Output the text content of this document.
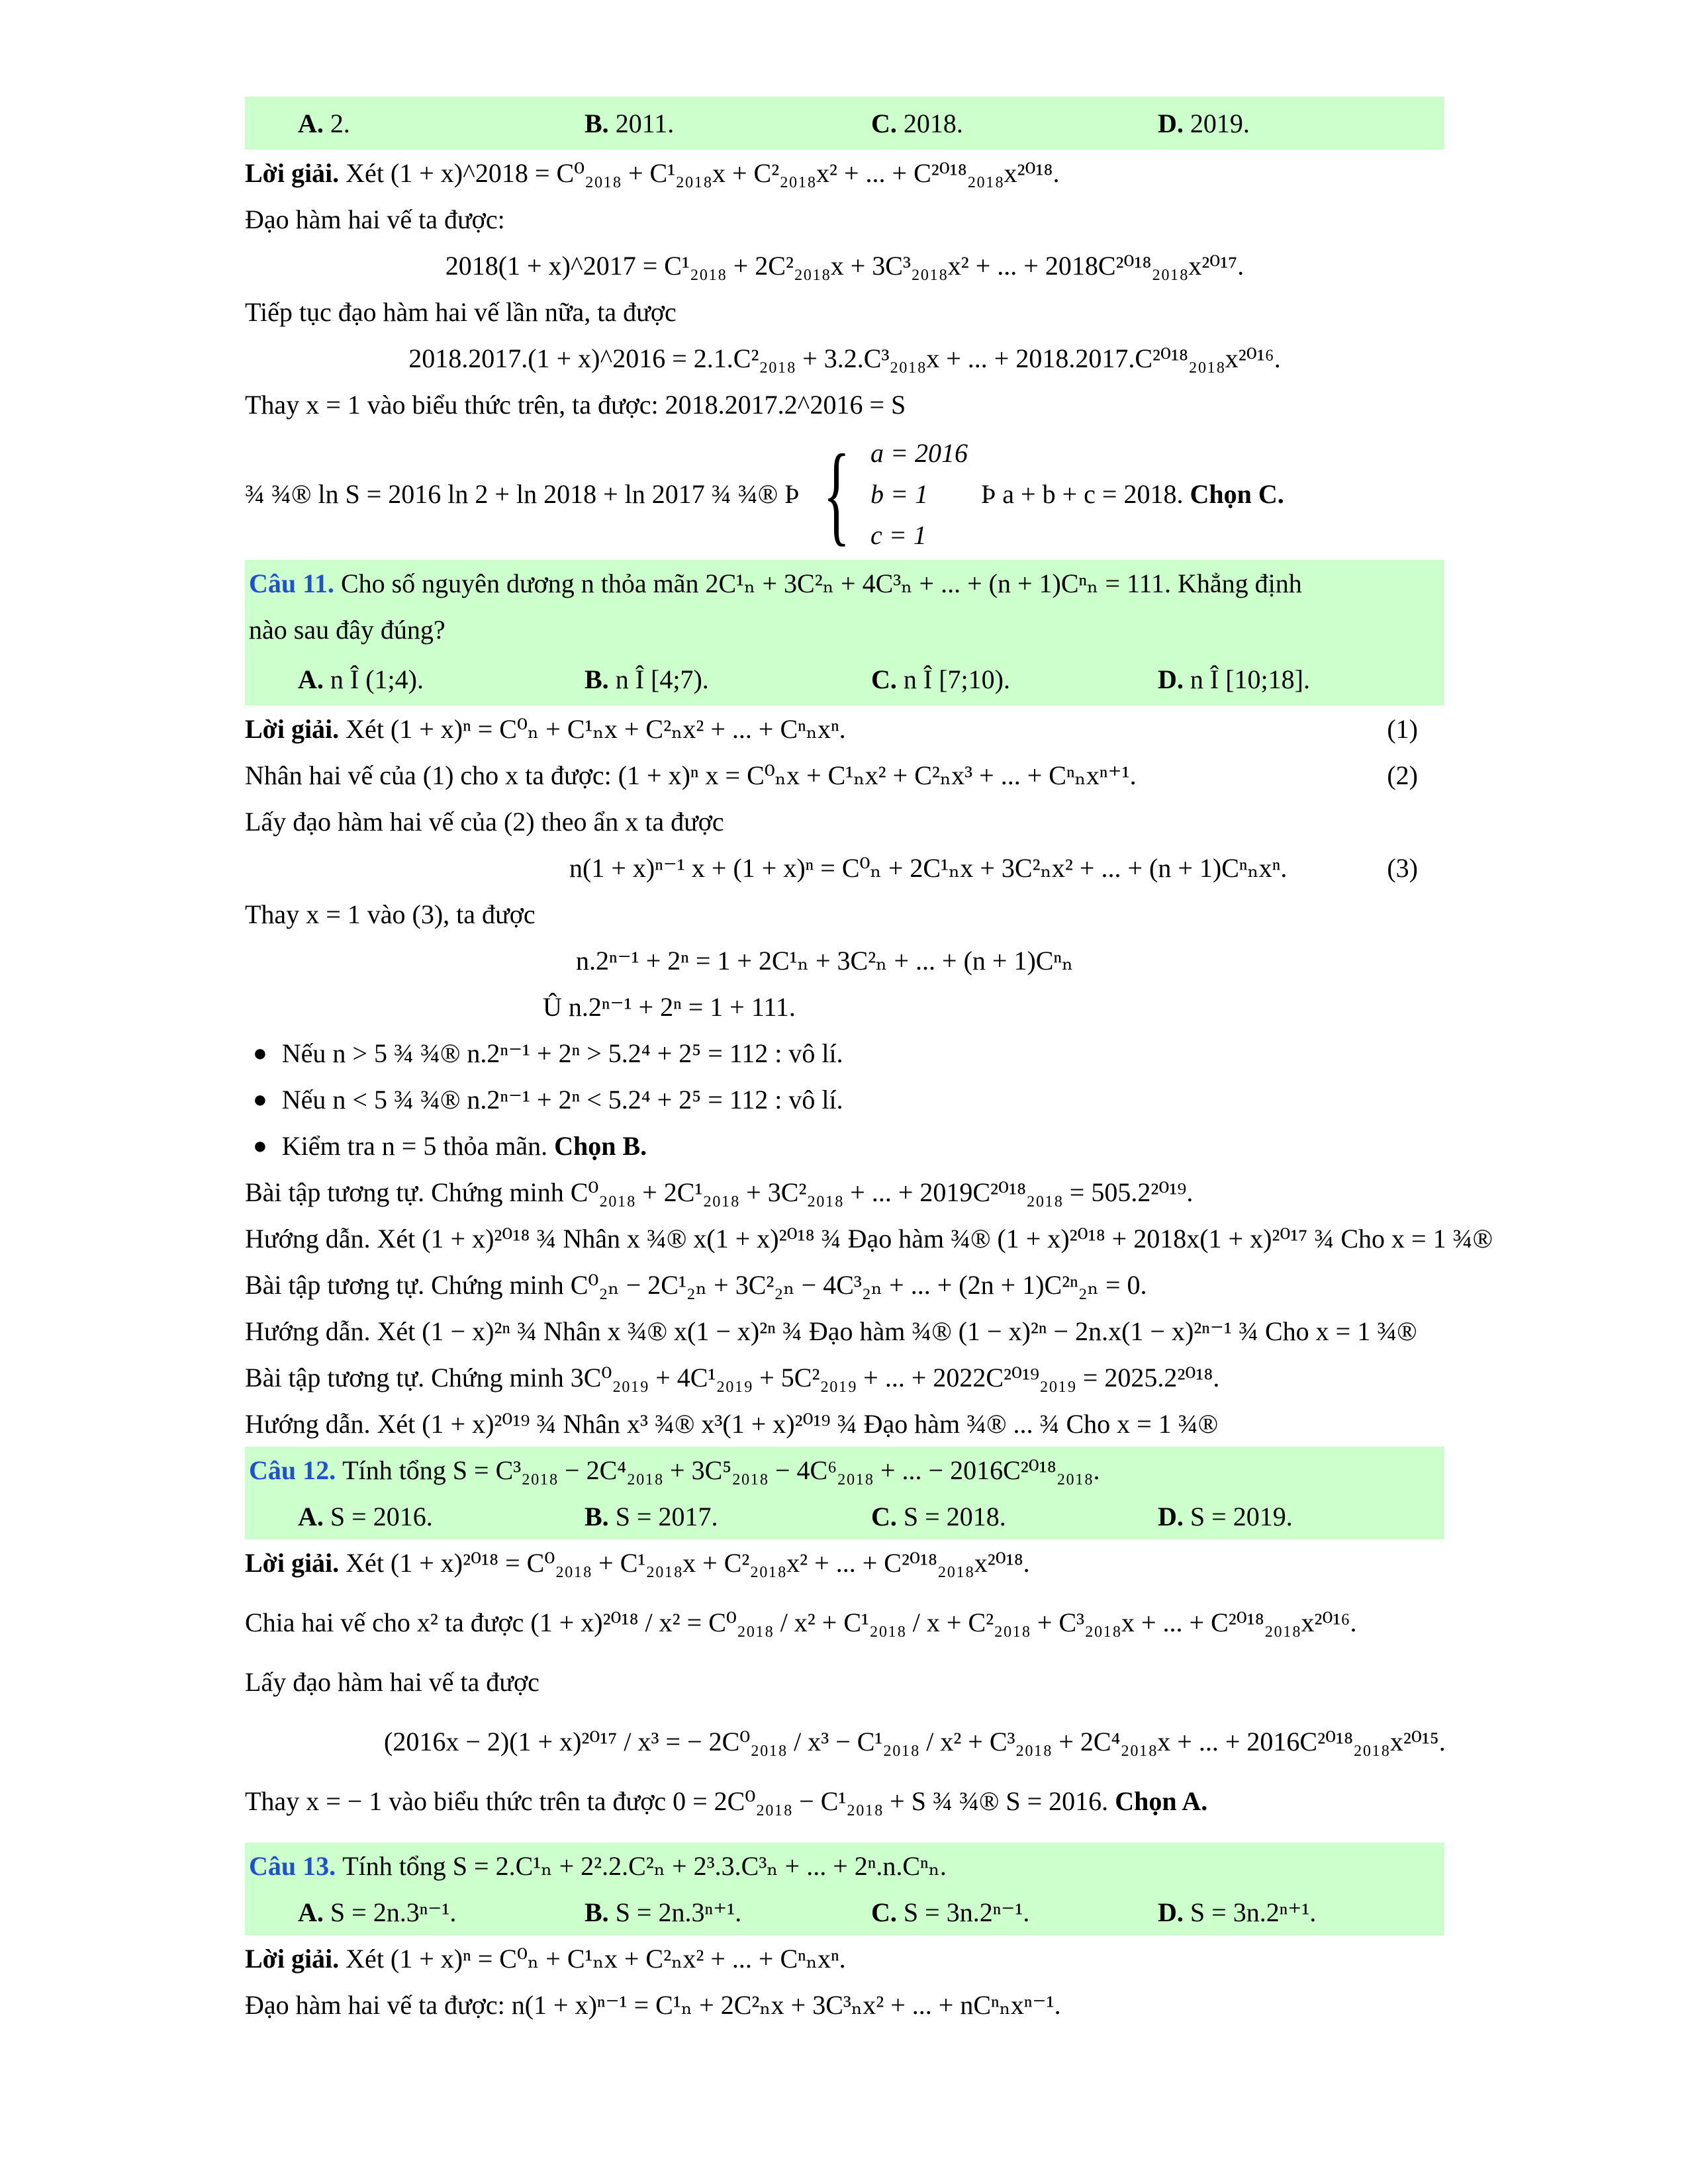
A. 2.	B. 2011.	C. 2018.	D. 2019.
Lời giải.
Xét (1 + x)^2018 = C⁰₂₀₁₈ + C¹₂₀₁₈x + C²₂₀₁₈x² + ... + C²⁰¹⁸₂₀₁₈x²⁰¹⁸.
Đạo hàm hai vế ta được:
2018(1 + x)^2017 = C¹₂₀₁₈ + 2C²₂₀₁₈x + 3C³₂₀₁₈x² + ... + 2018C²⁰¹⁸₂₀₁₈x²⁰¹⁷.
Tiếp tục đạo hàm hai vế lần nữa, ta được
2018.2017.(1 + x)^2016 = 2.1.C²₂₀₁₈ + 3.2.C³₂₀₁₈x + ... + 2018.2017.C²⁰¹⁸₂₀₁₈x²⁰¹⁶.
Thay x = 1 vào biểu thức trên, ta được: 2018.2017.2^2016 = S
¾ ¾® ln S = 2016 ln 2 + ln 2018 + ln 2017 ¾ ¾® Þ { a = 2016
b = 1
c = 1

Þ a + b + c = 2018.
Chọn C.
Câu 11.
Cho số nguyên dương n thỏa mãn 2C¹ₙ + 3C²ₙ + 4C³ₙ + ... + (n + 1)Cⁿₙ = 111. Khẳng định
nào sau đây đúng?
A. n Î (1;4).	B. n Î [4;7).	C. n Î [7;10).	D. n Î [10;18].
Lời giải.
Xét (1 + x)ⁿ = C⁰ₙ + C¹ₙx + C²ₙx² + ... + Cⁿₙxⁿ.	(1)
Nhân hai vế của (1) cho x ta được: (1 + x)ⁿ x = C⁰ₙx + C¹ₙx² + C²ₙx³ + ... + Cⁿₙxⁿ⁺¹.	(2)
Lấy đạo hàm hai vế của (2) theo ẩn x ta được
n(1 + x)ⁿ⁻¹ x + (1 + x)ⁿ = C⁰ₙ + 2C¹ₙx + 3C²ₙx² + ... + (n + 1)Cⁿₙxⁿ.	(3)
Thay x = 1 vào (3), ta được
n.2ⁿ⁻¹ + 2ⁿ = 1 + 2C¹ₙ + 3C²ₙ + ... + (n + 1)Cⁿₙ
Û n.2ⁿ⁻¹ + 2ⁿ = 1 + 111.
● Nếu n > 5 ¾ ¾® n.2ⁿ⁻¹ + 2ⁿ > 5.2⁴ + 2⁵ = 112 : vô lí.
● Nếu n < 5 ¾ ¾® n.2ⁿ⁻¹ + 2ⁿ < 5.2⁴ + 2⁵ = 112 : vô lí.
● Kiểm tra n = 5 thỏa mãn.
Chọn B.
Bài tập tương tự. Chứng minh C⁰₂₀₁₈ + 2C¹₂₀₁₈ + 3C²₂₀₁₈ + ... + 2019C²⁰¹⁸₂₀₁₈ = 505.2²⁰¹⁹.
Hướng dẫn. Xét (1 + x)²⁰¹⁸ ¾ Nhân x ¾® x(1 + x)²⁰¹⁸ ¾ Đạo hàm ¾® (1 + x)²⁰¹⁸ + 2018x(1 + x)²⁰¹⁷ ¾ Cho x = 1 ¾®
Bài tập tương tự. Chứng minh C⁰₂ₙ − 2C¹₂ₙ + 3C²₂ₙ − 4C³₂ₙ + ... + (2n + 1)C²ⁿ₂ₙ = 0.
Hướng dẫn. Xét (1 − x)²ⁿ ¾ Nhân x ¾® x(1 − x)²ⁿ ¾ Đạo hàm ¾® (1 − x)²ⁿ − 2n.x(1 − x)²ⁿ⁻¹ ¾ Cho x = 1 ¾®
Bài tập tương tự. Chứng minh 3C⁰₂₀₁₉ + 4C¹₂₀₁₉ + 5C²₂₀₁₉ + ... + 2022C²⁰¹⁹₂₀₁₉ = 2025.2²⁰¹⁸.
Hướng dẫn. Xét (1 + x)²⁰¹⁹ ¾ Nhân x³ ¾® x³(1 + x)²⁰¹⁹ ¾ Đạo hàm ¾® ... ¾ Cho x = 1 ¾®
Câu 12.
Tính tổng S = C³₂₀₁₈ − 2C⁴₂₀₁₈ + 3C⁵₂₀₁₈ − 4C⁶₂₀₁₈ + ... − 2016C²⁰¹⁸₂₀₁₈.
A. S = 2016.	B. S = 2017.	C. S = 2018.	D. S = 2019.
Lời giải.
Xét (1 + x)²⁰¹⁸ = C⁰₂₀₁₈ + C¹₂₀₁₈x + C²₂₀₁₈x² + ... + C²⁰¹⁸₂₀₁₈x²⁰¹⁸.
Chia hai vế cho x² ta được (1 + x)²⁰¹⁸ / x² = C⁰₂₀₁₈ / x² + C¹₂₀₁₈ / x + C²₂₀₁₈ + C³₂₀₁₈x + ... + C²⁰¹⁸₂₀₁₈x²⁰¹⁶.
Lấy đạo hàm hai vế ta được
(2016x − 2)(1 + x)²⁰¹⁷ / x³ = − 2C⁰₂₀₁₈ / x³ − C¹₂₀₁₈ / x² + C³₂₀₁₈ + 2C⁴₂₀₁₈x + ... + 2016C²⁰¹⁸₂₀₁₈x²⁰¹⁵.
Thay x = − 1 vào biểu thức trên ta được 0 = 2C⁰₂₀₁₈ − C¹₂₀₁₈ + S ¾ ¾® S = 2016.
Chọn A.
Câu 13.
Tính tổng S = 2.C¹ₙ + 2².2.C²ₙ + 2³.3.C³ₙ + ... + 2ⁿ.n.Cⁿₙ.
A. S = 2n.3ⁿ⁻¹.	B. S = 2n.3ⁿ⁺¹.	C. S = 3n.2ⁿ⁻¹.	D. S = 3n.2ⁿ⁺¹.
Lời giải.
Xét (1 + x)ⁿ = C⁰ₙ + C¹ₙx + C²ₙx² + ... + Cⁿₙxⁿ.
Đạo hàm hai vế ta được: n(1 + x)ⁿ⁻¹ = C¹ₙ + 2C²ₙx + 3C³ₙx² + ... + nCⁿₙxⁿ⁻¹.
